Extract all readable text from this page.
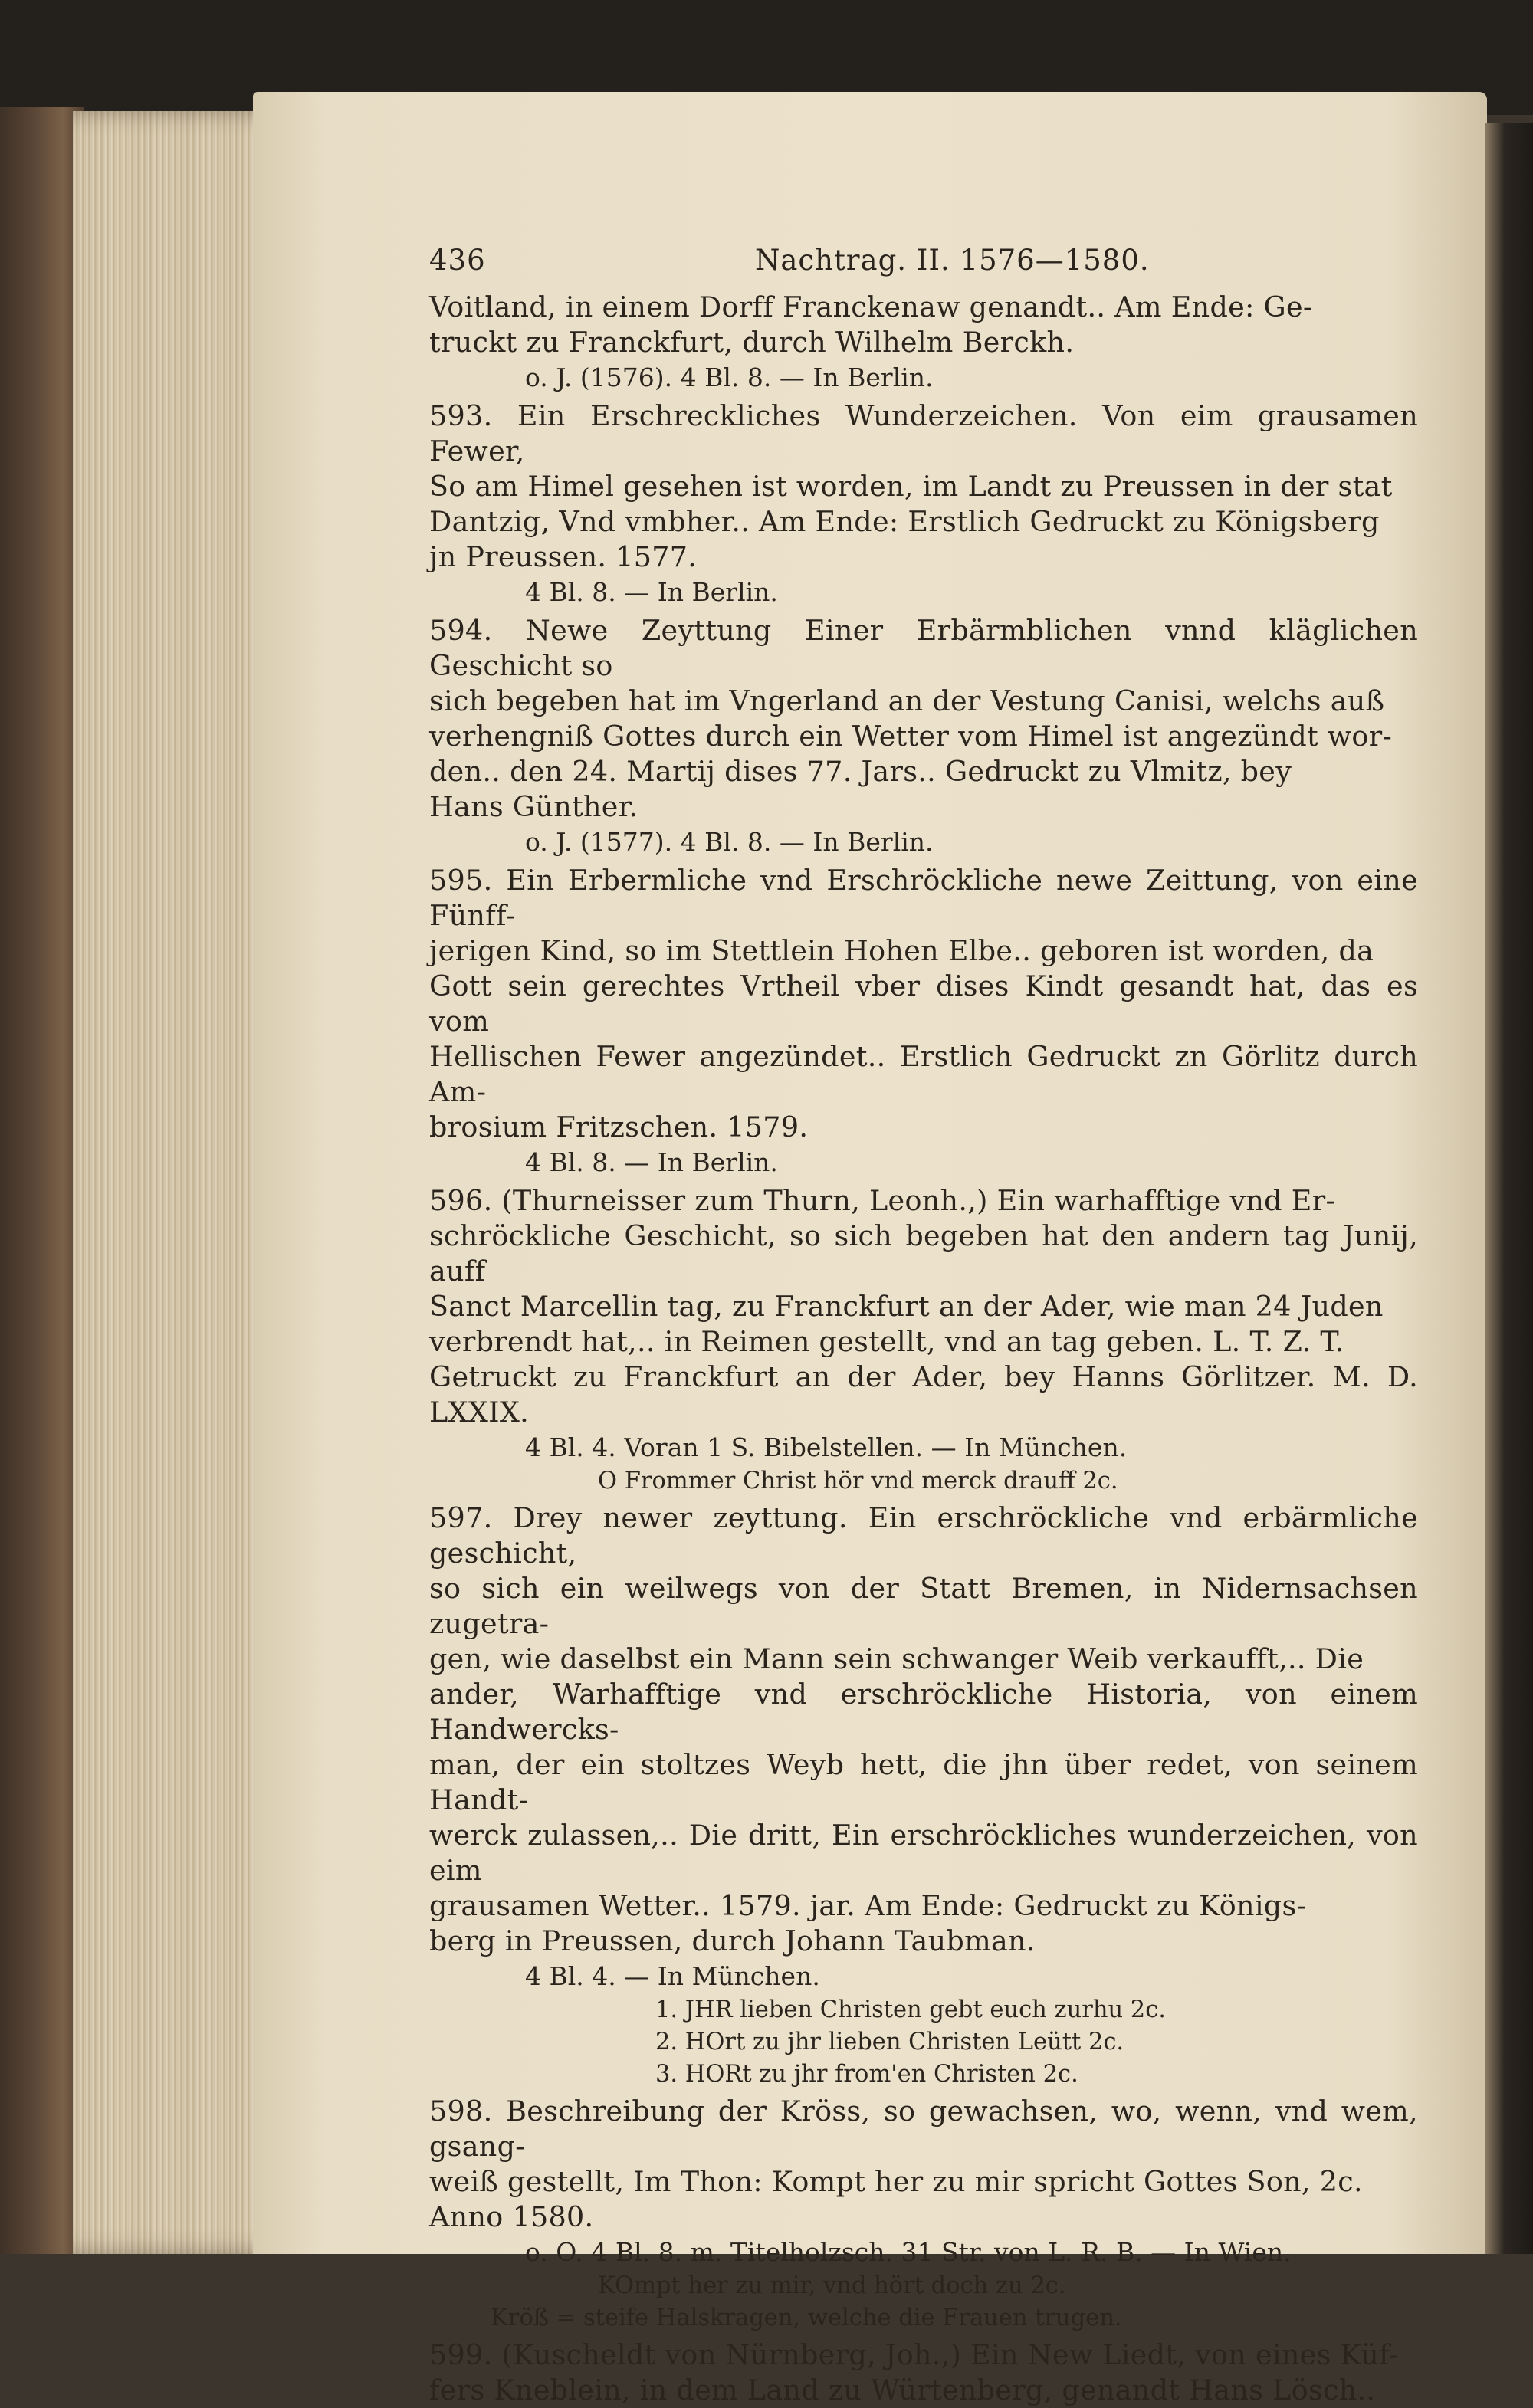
436	Nachtrag. II. 1576—1580.

Voitland, in einem Dorff Franckenaw genandt.. Am Ende: Ge-

truckt zu Franckfurt, durch Wilhelm Berckh.

o. J. (1576). 4 Bl. 8. — In Berlin.

593. Ein Erschreckliches Wunderzeichen. Von eim grausamen Fewer,

So am Himel gesehen ist worden, im Landt zu Preussen in der stat

Dantzig, Vnd vmbher.. Am Ende: Erstlich Gedruckt zu Königsberg

jn Preussen. 1577.

4 Bl. 8. — In Berlin.

594. Newe Zeyttung Einer Erbärmblichen vnnd kläglichen Geschicht so

sich begeben hat im Vngerland an der Vestung Canisi, welchs auß

verhengniß Gottes durch ein Wetter vom Himel ist angezündt wor-

den.. den 24. Martij dises 77. Jars.. Gedruckt zu Vlmitz, bey

Hans Günther.

o. J. (1577). 4 Bl. 8. — In Berlin.

595. Ein Erbermliche vnd Erschröckliche newe Zeittung, von eine Fünff-

jerigen Kind, so im Stettlein Hohen Elbe.. geboren ist worden, da

Gott sein gerechtes Vrtheil vber dises Kindt gesandt hat, das es vom

Hellischen Fewer angezündet.. Erstlich Gedruckt zn Görlitz durch Am-

brosium Fritzschen. 1579.

4 Bl. 8. — In Berlin.

596. (Thurneisser zum Thurn, Leonh.,) Ein warhafftige vnd Er-

schröckliche Geschicht, so sich begeben hat den andern tag Junij, auff

Sanct Marcellin tag, zu Franckfurt an der Ader, wie man 24 Juden

verbrendt hat,.. in Reimen gestellt, vnd an tag geben. L. T. Z. T.

Getruckt zu Franckfurt an der Ader, bey Hanns Görlitzer. M. D. LXXIX.

4 Bl. 4. Voran 1 S. Bibelstellen. — In München.

O Frommer Christ hör vnd merck drauff 2c.

597. Drey newer zeyttung. Ein erschröckliche vnd erbärmliche geschicht,

so sich ein weilwegs von der Statt Bremen, in Nidernsachsen zugetra-

gen, wie daselbst ein Mann sein schwanger Weib verkaufft,.. Die

ander, Warhafftige vnd erschröckliche Historia, von einem Handwercks-

man, der ein stoltzes Weyb hett, die jhn über redet, von seinem Handt-

werck zulassen,.. Die dritt, Ein erschröckliches wunderzeichen, von eim

grausamen Wetter.. 1579. jar. Am Ende: Gedruckt zu Königs-

berg in Preussen, durch Johann Taubman.

4 Bl. 4. — In München.

1. JHR lieben Christen gebt euch zurhu 2c.

2. HOrt zu jhr lieben Christen Leütt 2c.

3. HORt zu jhr from'en Christen 2c.

598. Beschreibung der Kröss, so gewachsen, wo, wenn, vnd wem, gsang-

weiß gestellt, Im Thon: Kompt her zu mir spricht Gottes Son, 2c.

Anno 1580.

o. O. 4 Bl. 8. m. Titelholzsch. 31 Str. von L. R. B. — In Wien.

KOmpt her zu mir, vnd hört doch zu 2c.

Kröß = steife Halskragen, welche die Frauen trugen.

599. (Kuscheldt von Nürnberg, Joh.,) Ein New Liedt, von eines Küf-

fers Kneblein, in dem Land zu Würtenberg, genandt Hans Lösch..
